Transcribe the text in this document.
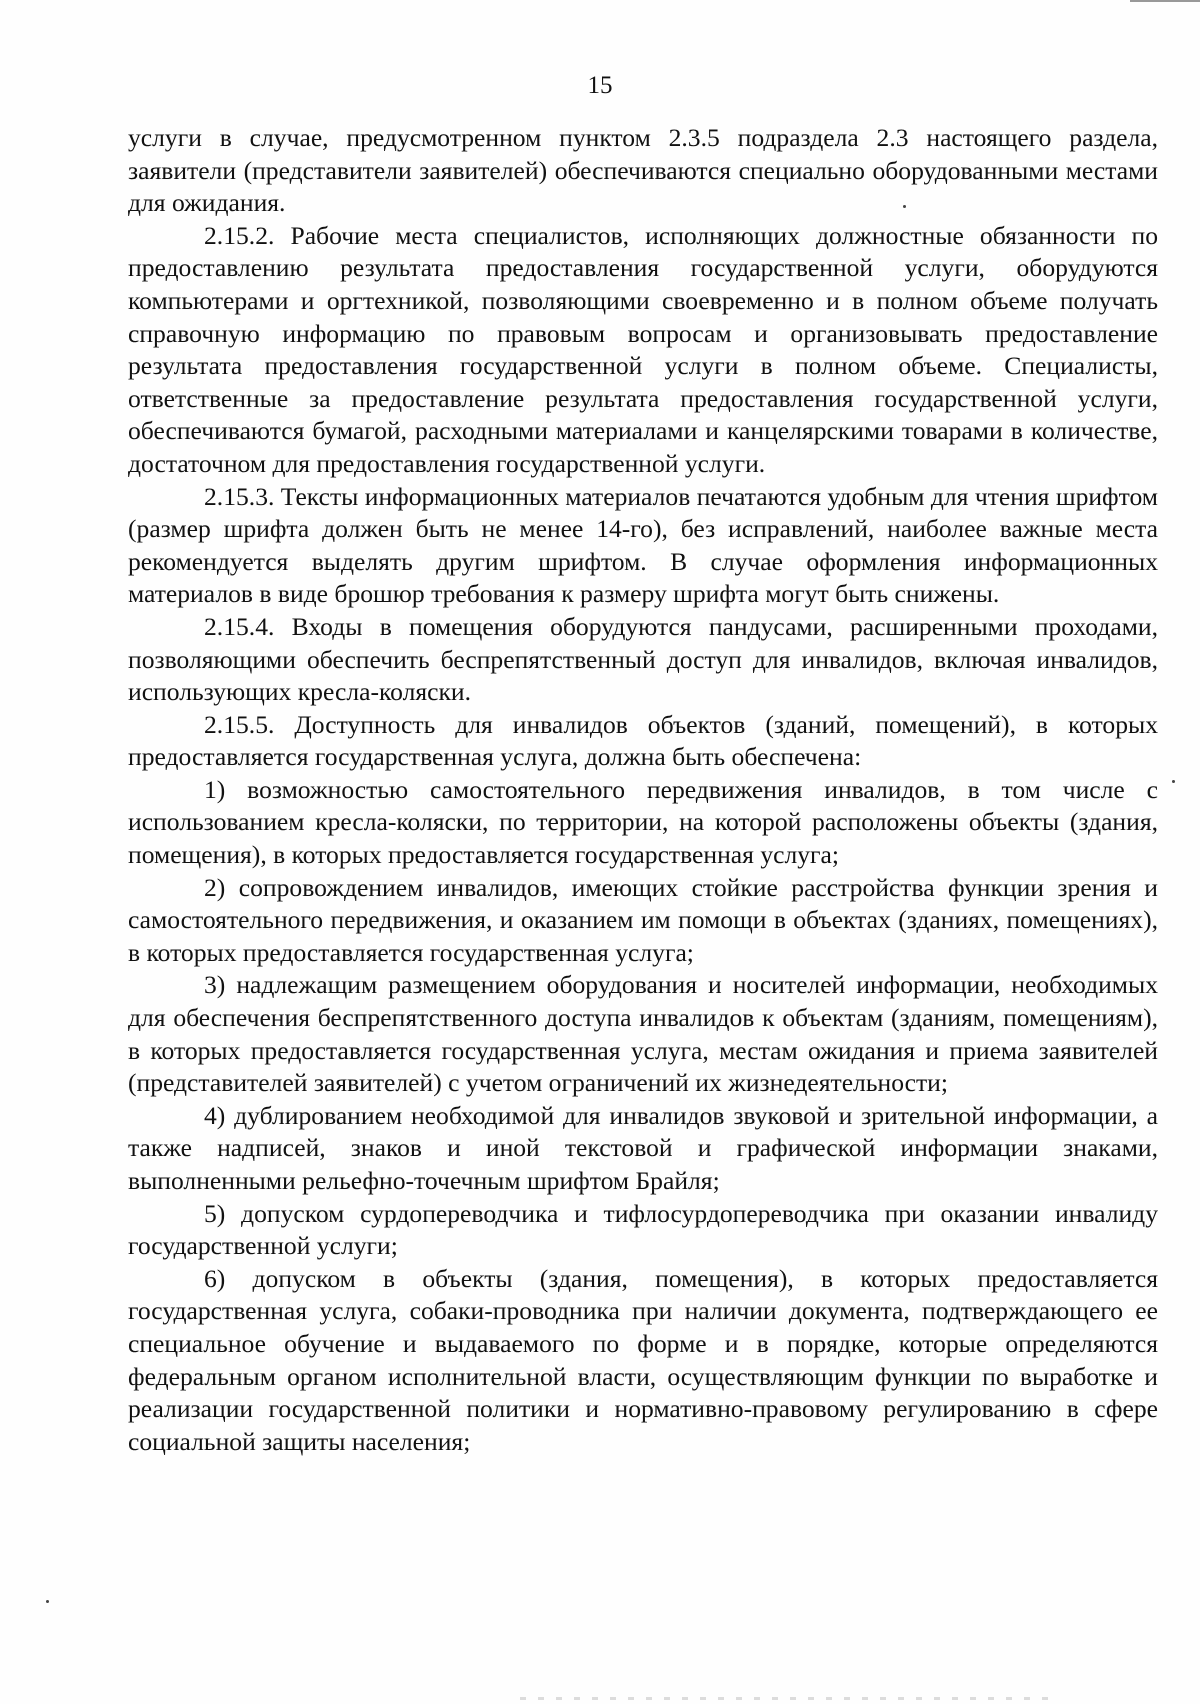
15

услуги в случае, предусмотренном пунктом 2.3.5 подраздела 2.3 настоящего раздела, заявители (представители заявителей) обеспечиваются специально оборудованными местами для ожидания.

2.15.2. Рабочие места специалистов, исполняющих должностные обязанности по предоставлению результата предоставления государственной услуги, оборудуются компьютерами и оргтехникой, позволяющими своевременно и в полном объеме получать справочную информацию по правовым вопросам и организовывать предоставление результата предоставления государственной услуги в полном объеме. Специалисты, ответственные за предоставление результата предоставления государственной услуги, обеспечиваются бумагой, расходными материалами и канцелярскими товарами в количестве, достаточном для предоставления государственной услуги.

2.15.3. Тексты информационных материалов печатаются удобным для чтения шрифтом (размер шрифта должен быть не менее 14-го), без исправлений, наиболее важные места рекомендуется выделять другим шрифтом. В случае оформления информационных материалов в виде брошюр требования к размеру шрифта могут быть снижены.

2.15.4. Входы в помещения оборудуются пандусами, расширенными проходами, позволяющими обеспечить беспрепятственный доступ для инвалидов, включая инвалидов, использующих кресла-коляски.

2.15.5. Доступность для инвалидов объектов (зданий, помещений), в которых предоставляется государственная услуга, должна быть обеспечена:

1) возможностью самостоятельного передвижения инвалидов, в том числе с использованием кресла-коляски, по территории, на которой расположены объекты (здания, помещения), в которых предоставляется государственная услуга;

2) сопровождением инвалидов, имеющих стойкие расстройства функции зрения и самостоятельного передвижения, и оказанием им помощи в объектах (зданиях, помещениях), в которых предоставляется государственная услуга;

3) надлежащим размещением оборудования и носителей информации, необходимых для обеспечения беспрепятственного доступа инвалидов к объектам (зданиям, помещениям), в которых предоставляется государственная услуга, местам ожидания и приема заявителей (представителей заявителей) с учетом ограничений их жизнедеятельности;

4) дублированием необходимой для инвалидов звуковой и зрительной информации, а также надписей, знаков и иной текстовой и графической информации знаками, выполненными рельефно-точечным шрифтом Брайля;

5) допуском сурдопереводчика и тифлосурдопереводчика при оказании инвалиду государственной услуги;

6) допуском в объекты (здания, помещения), в которых предоставляется государственная услуга, собаки-проводника при наличии документа, подтверждающего ее специальное обучение и выдаваемого по форме и в порядке, которые определяются федеральным органом исполнительной власти, осуществляющим функции по выработке и реализации государственной политики и нормативно-правовому регулированию в сфере социальной защиты населения;
